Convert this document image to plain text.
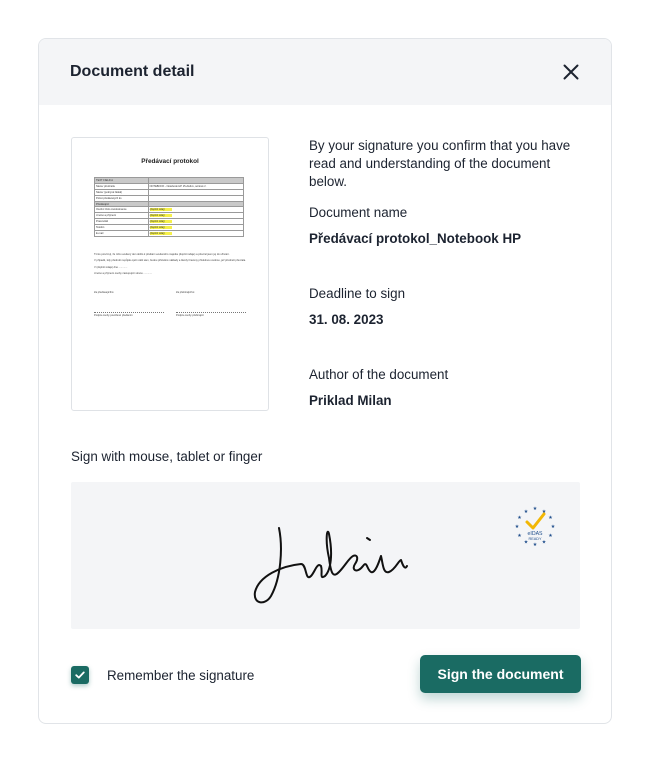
Document detail
Předávací protokol
TEXT FIELD A	
Název předmětu	NOTEBOOK - Notebook HP 15-dw3xx, sériové č.
Název (pokrývá řádek)	
Počet předávaných ks	
Předávající	
Osobní číslo zaměstnance	(doplnit údaj)
Jméno a příjmení	(doplnit údaj)
Pracoviště	(doplnit údaj)
Telefon	(doplnit údaj)
E-mail	(doplnit údaj)

Tímto potvrzuji, že níže uvedený den došlo k předání uvedeného majetku (doplnit údaje) a převzal jsem jej do užívání.

V případě, kdy předmět nepůjde opět vrátit sám, budou příslušné náklady a škody hrazeny příslušnou osobou, jež předmět převzala.

V (doplnit údaje) dne ............

Jméno a příjmení osoby zastupující stranu ............

Za předávajícího:	Za přebírajícího:
Podpis osoby pověřené předáním	Podpis osoby přebírající
By your signature you confirm that you have read and understanding of the document below.
Document name
Předávací protokol_Notebook HP
Deadline to sign
31. 08. 2023
Author of the document
Priklad Milan
Sign with mouse, tablet or finger
★ ★
★
★
★
★
★
★
★
★
★
★
eIDAS
READY
Remember the signature	Sign the document
